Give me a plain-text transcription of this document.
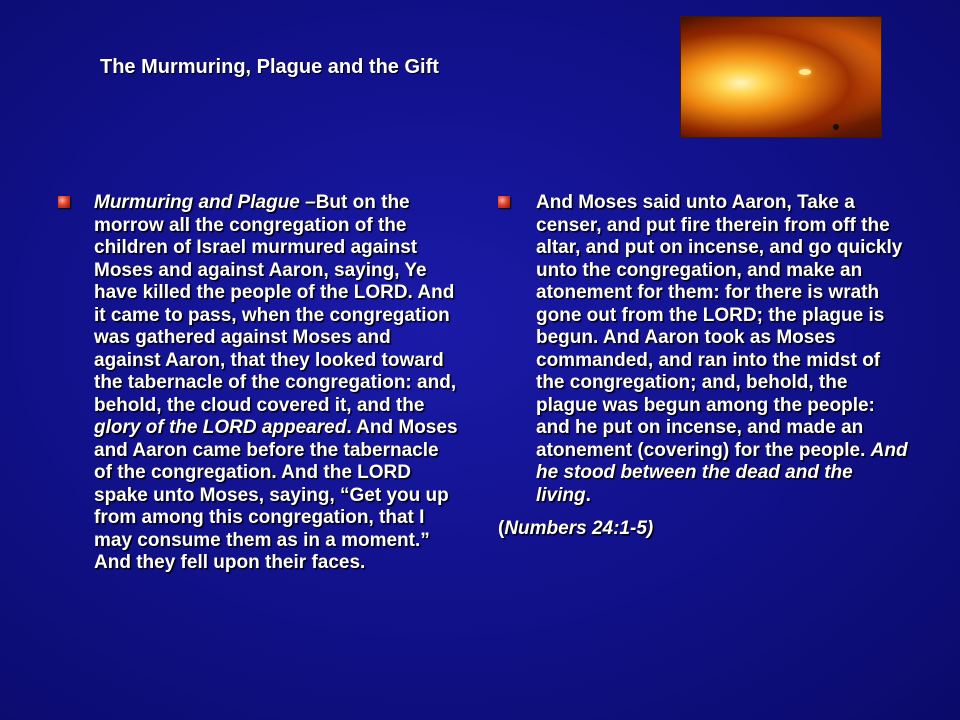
The Murmuring, Plague and the Gift
Murmuring and Plague –But on the morrow all the congregation of the children of Israel murmured against Moses and against Aaron, saying, Ye have killed the people of the LORD. And it came to pass, when the congregation was gathered against Moses and against Aaron, that they looked toward the tabernacle of the congregation: and, behold, the cloud covered it, and the glory of the LORD appeared. And Moses and Aaron came before the tabernacle of the congregation. And the LORD spake unto Moses, saying, “Get you up from among this congregation, that I may consume them as in a moment.” And they fell upon their faces.
And Moses said unto Aaron, Take a censer, and put fire therein from off the altar, and put on incense, and go quickly unto the congregation, and make an atonement for them: for there is wrath gone out from the LORD; the plague is begun. And Aaron took as Moses commanded, and ran into the midst of the congregation; and, behold, the plague was begun among the people: and he put on incense, and made an atonement (covering) for the people. And he stood between the dead and the living.
(Numbers 24:1-5)
